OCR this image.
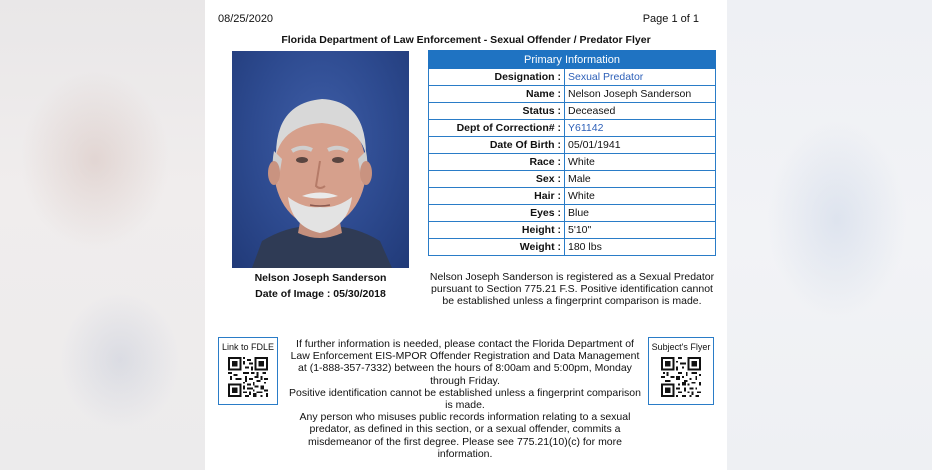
08/25/2020	Page 1 of 1
Florida Department of Law Enforcement - Sexual Offender / Predator Flyer
Nelson Joseph Sanderson
Date of Image : 05/30/2018
Primary Information	
Designation :	Sexual Predator
Name :	Nelson Joseph Sanderson
Status :	Deceased
Dept of Correction# :	Y61142
Date Of Birth :	05/01/1941
Race :	White
Sex :	Male
Hair :	White
Eyes :	Blue
Height :	5'10"
Weight :	180 lbs
Nelson Joseph Sanderson is registered as a Sexual Predator pursuant to Section 775.21 F.S. Positive identification cannot be established unless a fingerprint comparison is made.
Link to FDLE	If further information is needed, please contact the Florida Department of Law Enforcement EIS-MPOR Offender Registration and Data Management at (1-888-357-7332) between the hours of 8:00am and 5:00pm, Monday through Friday.

Positive identification cannot be established unless a fingerprint comparison is made.

Any person who misuses public records information relating to a sexual predator, as defined in this section, or a sexual offender, commits a misdemeanor of the first degree. Please see 775.21(10)(c) for more information.

Subject's Flyer
